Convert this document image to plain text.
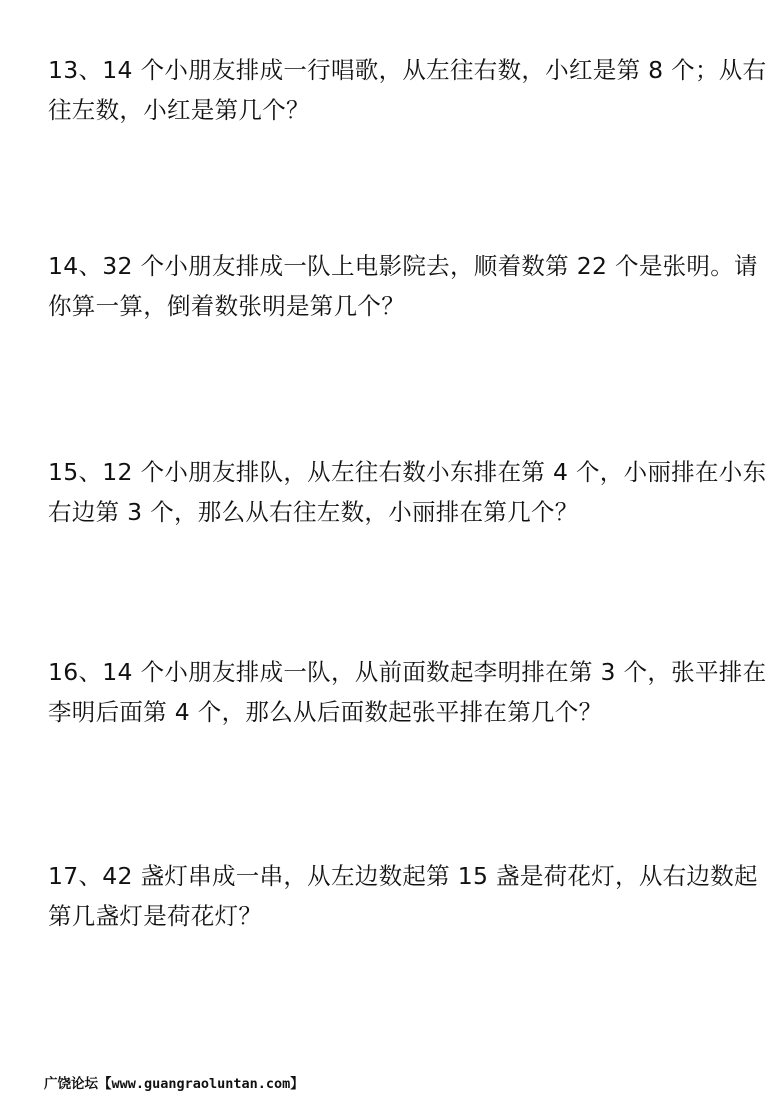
13、14 个小朋友排成一行唱歌，从左往右数，小红是第 8 个；从右
往左数，小红是第几个？
14、32 个小朋友排成一队上电影院去，顺着数第 22 个是张明。请
你算一算，倒着数张明是第几个？
15、12 个小朋友排队，从左往右数小东排在第 4 个，小丽排在小东
右边第 3 个，那么从右往左数，小丽排在第几个？
16、14 个小朋友排成一队，从前面数起李明排在第 3 个，张平排在
李明后面第 4 个，那么从后面数起张平排在第几个？
17、42 盏灯串成一串，从左边数起第 15 盏是荷花灯，从右边数起
第几盏灯是荷花灯？
广饶论坛【www.guangraoluntan.com】
